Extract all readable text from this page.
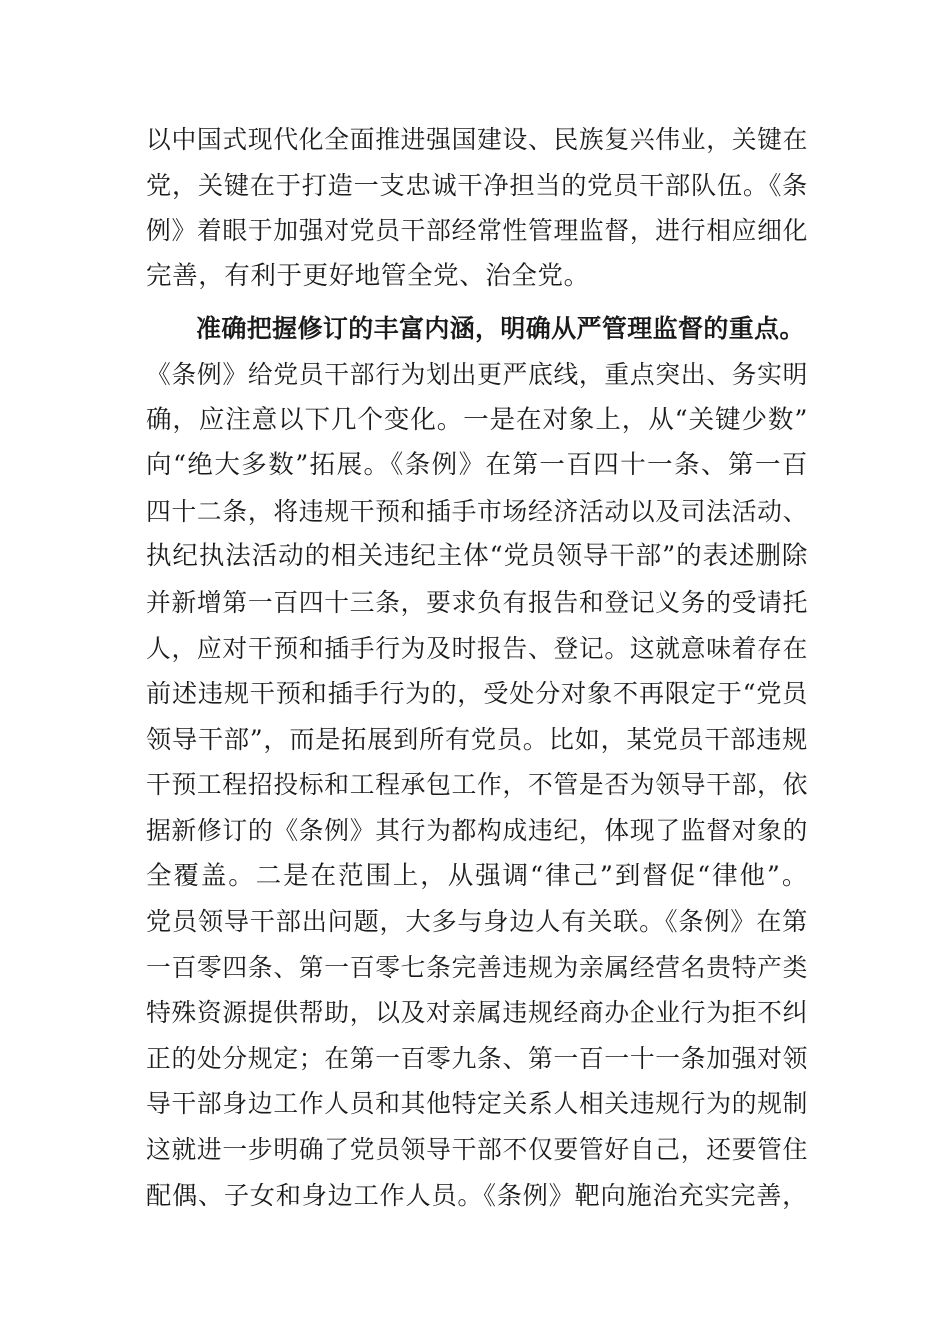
以中国式现代化全面推进强国建设、民族复兴伟业，关键在
党，关键在于打造一支忠诚干净担当的党员干部队伍。《条
例》着眼于加强对党员干部经常性管理监督，进行相应细化
完善，有利于更好地管全党、治全党。
准确把握修订的丰富内涵，明确从严管理监督的重点。
《条例》给党员干部行为划出更严底线，重点突出、务实明
确，应注意以下几个变化。一是在对象上，从“关键少数”
向“绝大多数”拓展。《条例》在第一百四十一条、第一百
四十二条，将违规干预和插手市场经济活动以及司法活动、
执纪执法活动的相关违纪主体“党员领导干部”的表述删除
并新增第一百四十三条，要求负有报告和登记义务的受请托
人，应对干预和插手行为及时报告、登记。这就意味着存在
前述违规干预和插手行为的，受处分对象不再限定于“党员
领导干部”，而是拓展到所有党员。比如，某党员干部违规
干预工程招投标和工程承包工作，不管是否为领导干部，依
据新修订的《条例》其行为都构成违纪，体现了监督对象的
全覆盖。二是在范围上，从强调“律己”到督促“律他”。
党员领导干部出问题，大多与身边人有关联。《条例》在第
一百零四条、第一百零七条完善违规为亲属经营名贵特产类
特殊资源提供帮助，以及对亲属违规经商办企业行为拒不纠
正的处分规定；在第一百零九条、第一百一十一条加强对领
导干部身边工作人员和其他特定关系人相关违规行为的规制
这就进一步明确了党员领导干部不仅要管好自己，还要管住
配偶、子女和身边工作人员。《条例》靶向施治充实完善，
